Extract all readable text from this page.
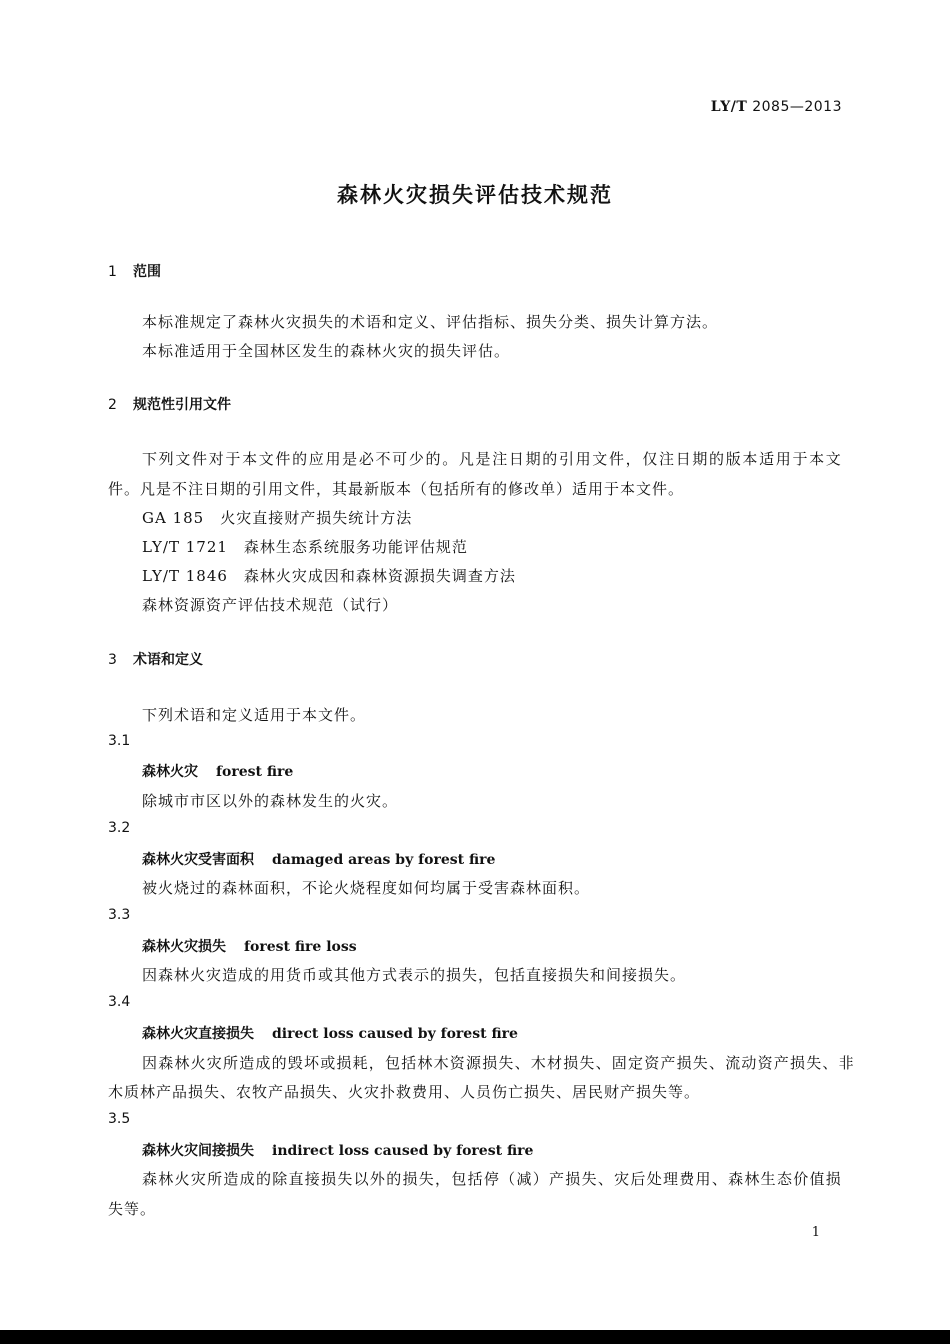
LY/T 2085—2013
森林火灾损失评估技术规范
1 范围
本标准规定了森林火灾损失的术语和定义、评估指标、损失分类、损失计算方法。
本标准适用于全国林区发生的森林火灾的损失评估。
2 规范性引用文件
下列文件对于本文件的应用是必不可少的。凡是注日期的引用文件，仅注日期的版本适用于本文
件。凡是不注日期的引用文件，其最新版本（包括所有的修改单）适用于本文件。
GA 185 火灾直接财产损失统计方法
LY/T 1721 森林生态系统服务功能评估规范
LY/T 1846 森林火灾成因和森林资源损失调查方法
森林资源资产评估技术规范（试行）
3 术语和定义
下列术语和定义适用于本文件。
3.1
森林火灾 forest fire
除城市市区以外的森林发生的火灾。
3.2
森林火灾受害面积 damaged areas by forest fire
被火烧过的森林面积，不论火烧程度如何均属于受害森林面积。
3.3
森林火灾损失 forest fire loss
因森林火灾造成的用货币或其他方式表示的损失，包括直接损失和间接损失。
3.4
森林火灾直接损失 direct loss caused by forest fire
因森林火灾所造成的毁坏或损耗，包括林木资源损失、木材损失、固定资产损失、流动资产损失、非
木质林产品损失、农牧产品损失、火灾扑救费用、人员伤亡损失、居民财产损失等。
3.5
森林火灾间接损失 indirect loss caused by forest fire
森林火灾所造成的除直接损失以外的损失，包括停（减）产损失、灾后处理费用、森林生态价值损
失等。
1
